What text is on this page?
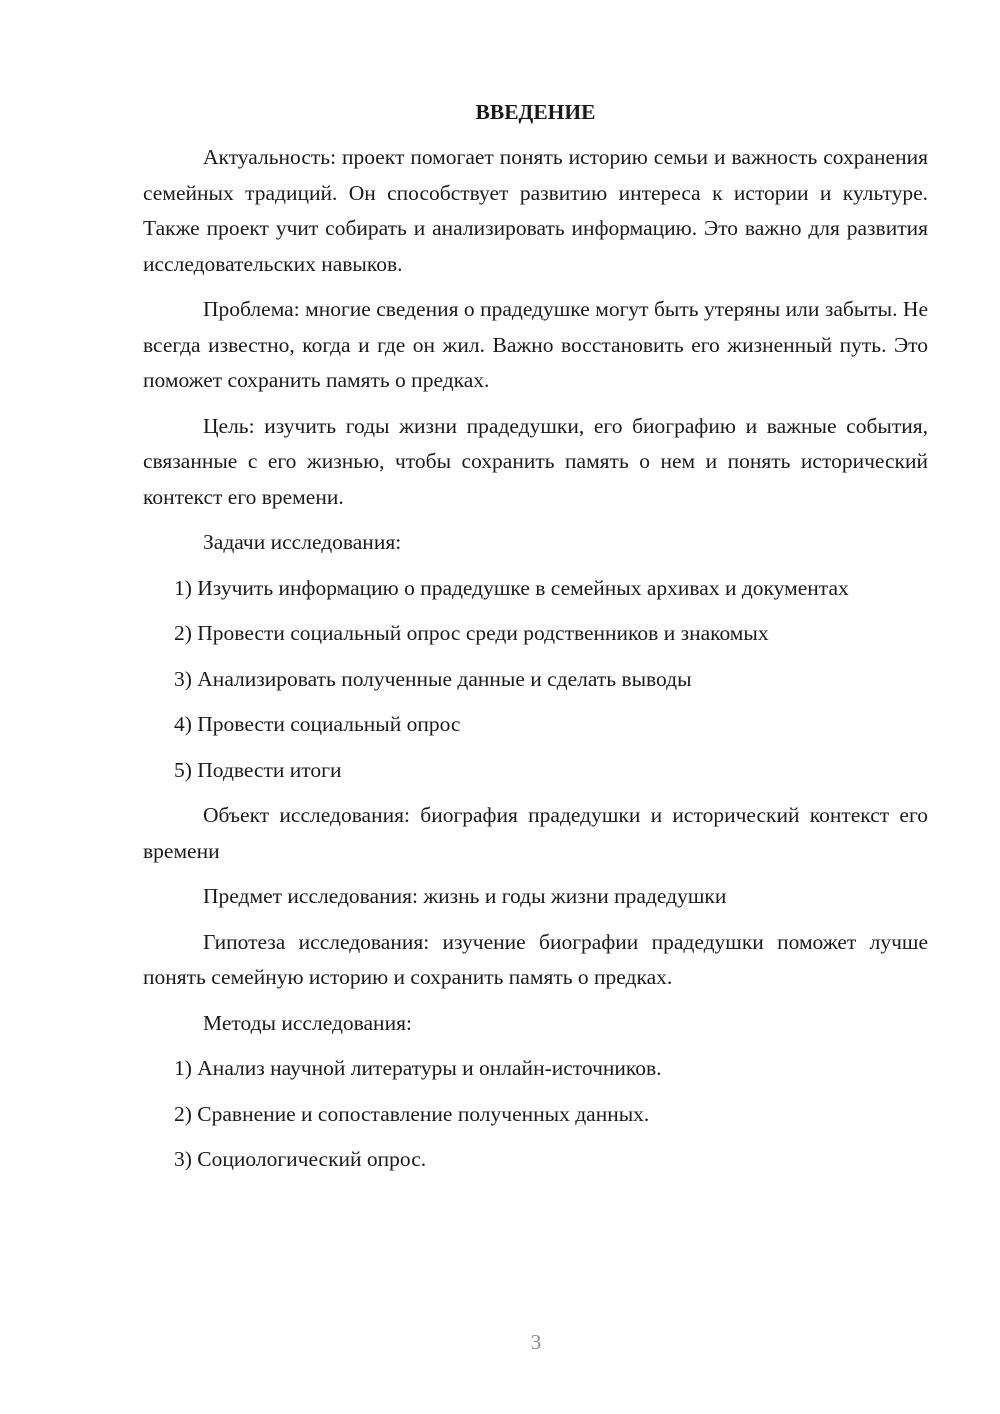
ВВЕДЕНИЕ

Актуальность: проект помогает понять историю семьи и важность сохранения семейных традиций. Он способствует развитию интереса к истории и культуре. Также проект учит собирать и анализировать информацию. Это важно для развития исследовательских навыков.

Проблема: многие сведения о прадедушке могут быть утеряны или забыты. Не всегда известно, когда и где он жил. Важно восстановить его жизненный путь. Это поможет сохранить память о предках.

Цель: изучить годы жизни прадедушки, его биографию и важные события, связанные с его жизнью, чтобы сохранить память о нем и понять исторический контекст его времени.

Задачи исследования:

1) Изучить информацию о прадедушке в семейных архивах и документах

2) Провести социальный опрос среди родственников и знакомых

3) Анализировать полученные данные и сделать выводы

4) Провести социальный опрос

5) Подвести итоги

Объект исследования: биография прадедушки и исторический контекст его времени

Предмет исследования: жизнь и годы жизни прадедушки

Гипотеза исследования: изучение биографии прадедушки поможет лучше понять семейную историю и сохранить память о предках.

Методы исследования:

1) Анализ научной литературы и онлайн-источников.

2) Сравнение и сопоставление полученных данных.

3) Социологический опрос.

3
